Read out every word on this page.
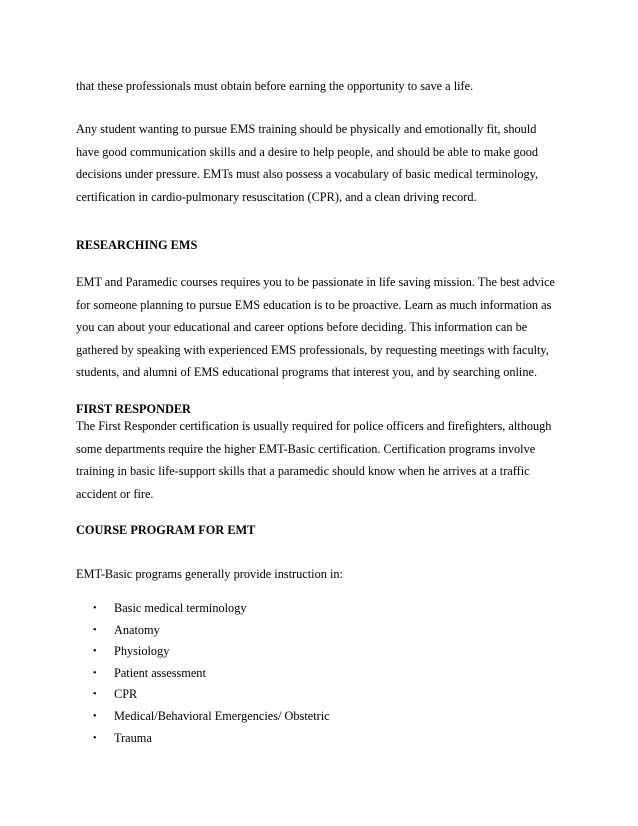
that these professionals must obtain before earning the opportunity to save a life.

Any student wanting to pursue EMS training should be physically and emotionally fit, should

have good communication skills and a desire to help people, and should be able to make good

decisions under pressure. EMTs must also possess a vocabulary of basic medical terminology,

certification in cardio-pulmonary resuscitation (CPR), and a clean driving record.

RESEARCHING EMS

EMT and Paramedic courses requires you to be passionate in life saving mission. The best advice

for someone planning to pursue EMS education is to be proactive. Learn as much information as

you can about your educational and career options before deciding. This information can be

gathered by speaking with experienced EMS professionals, by requesting meetings with faculty,

students, and alumni of EMS educational programs that interest you, and by searching online.

FIRST RESPONDER

The First Responder certification is usually required for police officers and firefighters, although

some departments require the higher EMT-Basic certification. Certification programs involve

training in basic life-support skills that a paramedic should know when he arrives at a traffic

accident or fire.

COURSE PROGRAM FOR EMT

EMT-Basic programs generally provide instruction in:

• Basic medical terminology
• Anatomy
• Physiology
• Patient assessment
• CPR
• Medical/Behavioral Emergencies/ Obstetric
• Trauma
